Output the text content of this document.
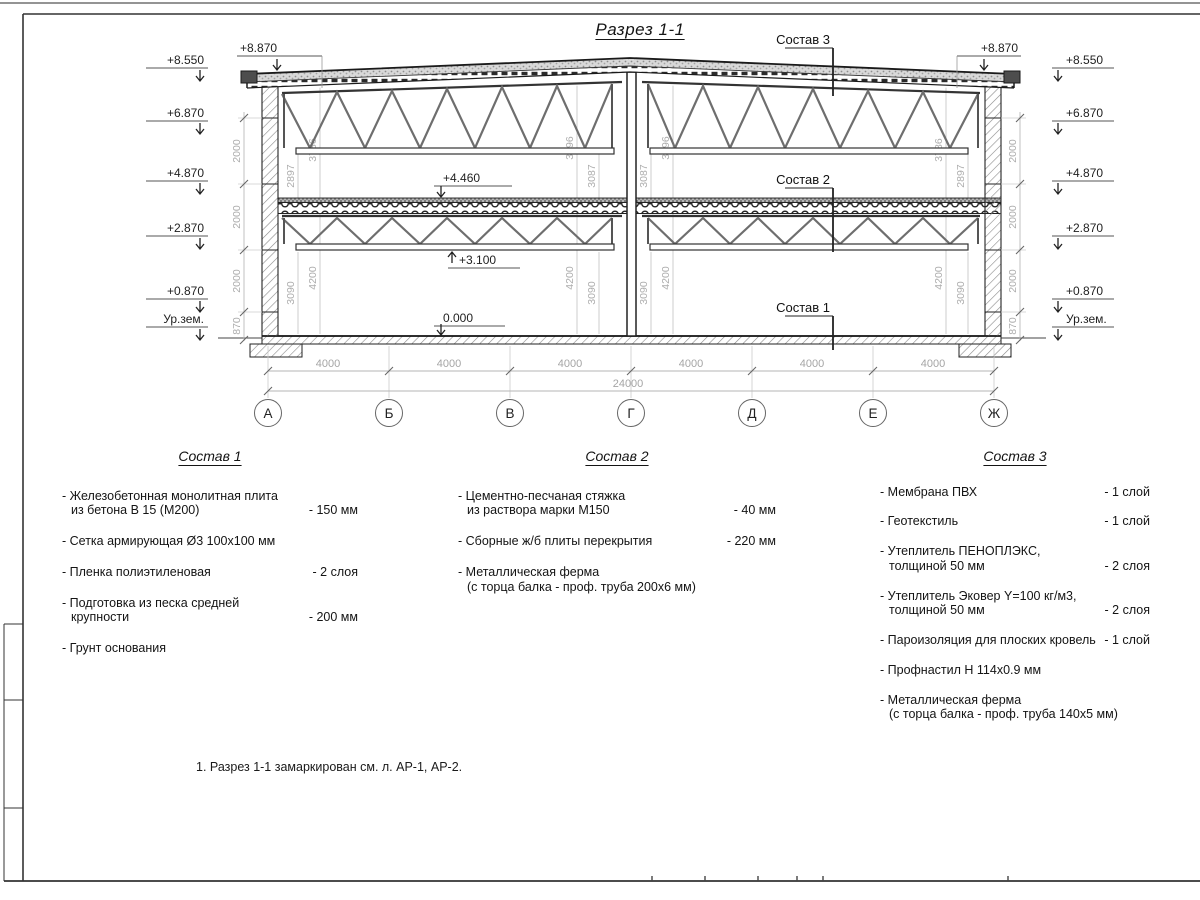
Разрез 1-1
2897	3087	3087	2897
3090
4200	4200
3090	3090
4200	4200
3090
Состав 3
Состав 2
Состав 1
+8.550
+6.870
+4.870
+2.870
+0.870
Ур.зем.
+8.550
+6.870
+4.870
+2.870
+0.870
Ур.зем.
+8.870	+8.870
+4.460
+3.100
0.000
2000
2000
2000
870
2000
2000
2000
870
4000	4000	4000	4000	4000	4000
24000
А	Б	В	Г	Д	Е	Ж
Состав 1
- Железобетонная монолитная плита
из бетона В 15 (М200)	- 150 мм
- Сетка армирующая Ø3 100x100 мм
- Пленка полиэтиленовая	- 2 слоя
- Подготовка из песка средней
крупности	- 200 мм
- Грунт основания
Состав 2
- Цементно-песчаная стяжка
из раствора марки М150	- 40 мм
- Сборные ж/б плиты перекрытия	- 220 мм
- Металлическая ферма
(с торца балка - проф. труба 200х6 мм)
Состав 3
- Мембрана ПВХ	- 1 слой
- Геотекстиль	- 1 слой
- Утеплитель ПЕНОПЛЭКС,
толщиной 50 мм	- 2 слоя
- Утеплитель Эковер Y=100 кг/м3,
толщиной 50 мм	- 2 слоя
- Пароизоляция для плоских кровель - 1 слой
- Профнастил Н 114х0.9 мм
- Металлическая ферма
(с торца балка - проф. труба 140х5 мм)
1. Разрез 1-1 замаркирован см. л. АР-1, АР-2.
